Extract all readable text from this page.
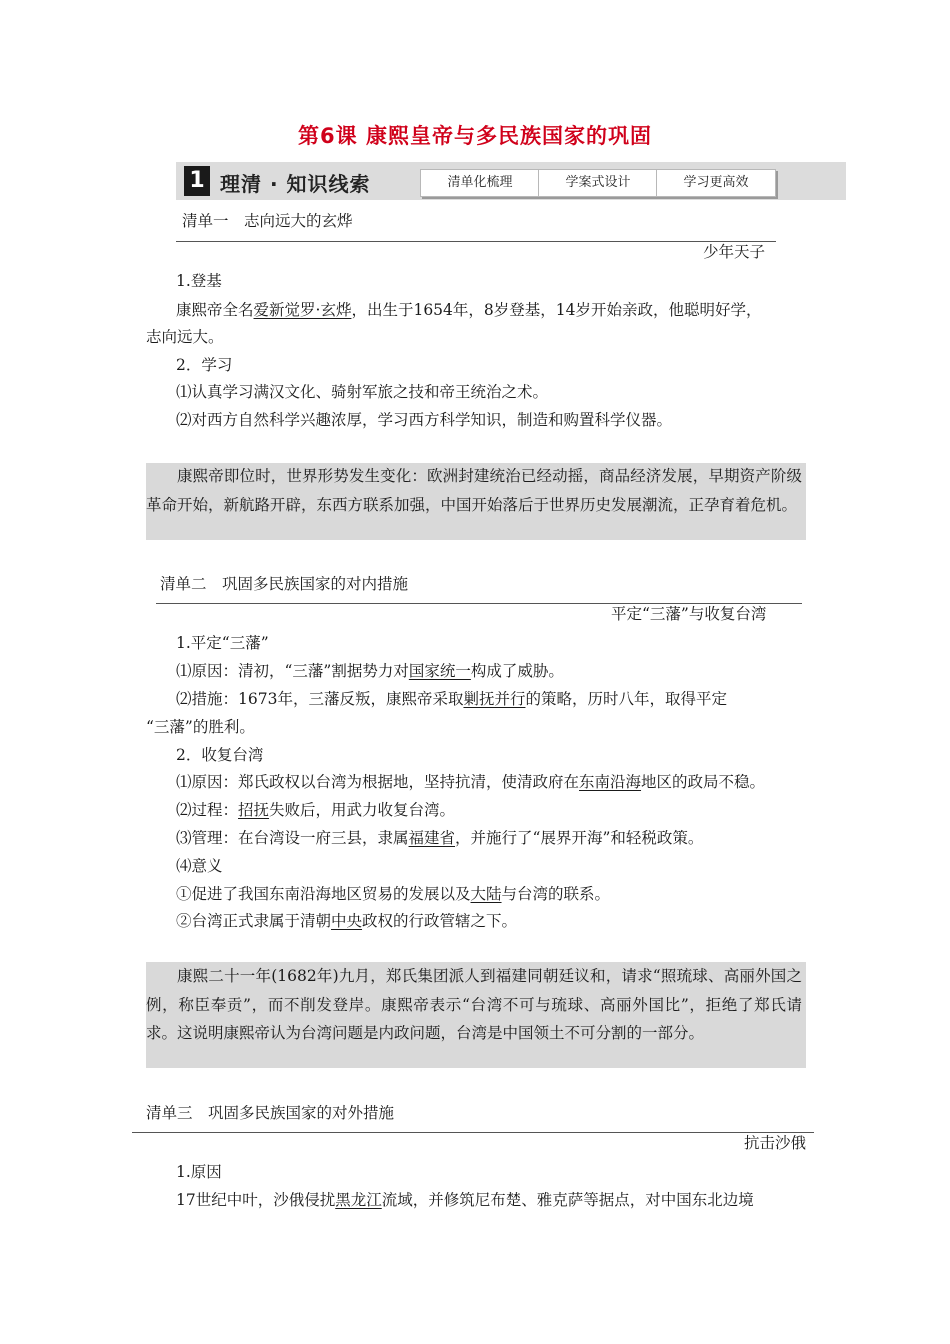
第6课 康熙皇帝与多民族国家的巩固
1 理清 · 知识线索	清单化梳理	学案式设计	学习更高效
清单一　志向远大的玄烨
少年天子
1.登基
康熙帝全名爱新觉罗·玄烨，出生于1654年，8岁登基，14岁开始亲政，他聪明好学，
志向远大。
2．学习
⑴认真学习满汉文化、骑射军旅之技和帝王统治之术。
⑵对西方自然科学兴趣浓厚，学习西方科学知识，制造和购置科学仪器。
康熙帝即位时，世界形势发生变化：欧洲封建统治已经动摇，商品经济发展，早期资产阶级革命开始，新航路开辟，东西方联系加强，中国开始落后于世界历史发展潮流，正孕育着危机。
清单二　巩固多民族国家的对内措施
平定“三藩”与收复台湾
1.平定“三藩”
⑴原因：清初，“三藩”割据势力对国家统一构成了威胁。
⑵措施：1673年，三藩反叛，康熙帝采取剿抚并行的策略，历时八年，取得平定
“三藩”的胜利。
2．收复台湾
⑴原因：郑氏政权以台湾为根据地，坚持抗清，使清政府在东南沿海地区的政局不稳。
⑵过程：招抚失败后，用武力收复台湾。
⑶管理：在台湾设一府三县，隶属福建省，并施行了“展界开海”和轻税政策。
⑷意义
①促进了我国东南沿海地区贸易的发展以及大陆与台湾的联系。
②台湾正式隶属于清朝中央政权的行政管辖之下。
康熙二十一年(1682年)九月，郑氏集团派人到福建同朝廷议和，请求“照琉球、高丽外国之例，称臣奉贡”，而不削发登岸。康熙帝表示“台湾不可与琉球、高丽外国比”，拒绝了郑氏请求。这说明康熙帝认为台湾问题是内政问题，台湾是中国领土不可分割的一部分。
清单三　巩固多民族国家的对外措施
抗击沙俄
1.原因
17世纪中叶，沙俄侵扰黑龙江流域，并修筑尼布楚、雅克萨等据点，对中国东北边境
